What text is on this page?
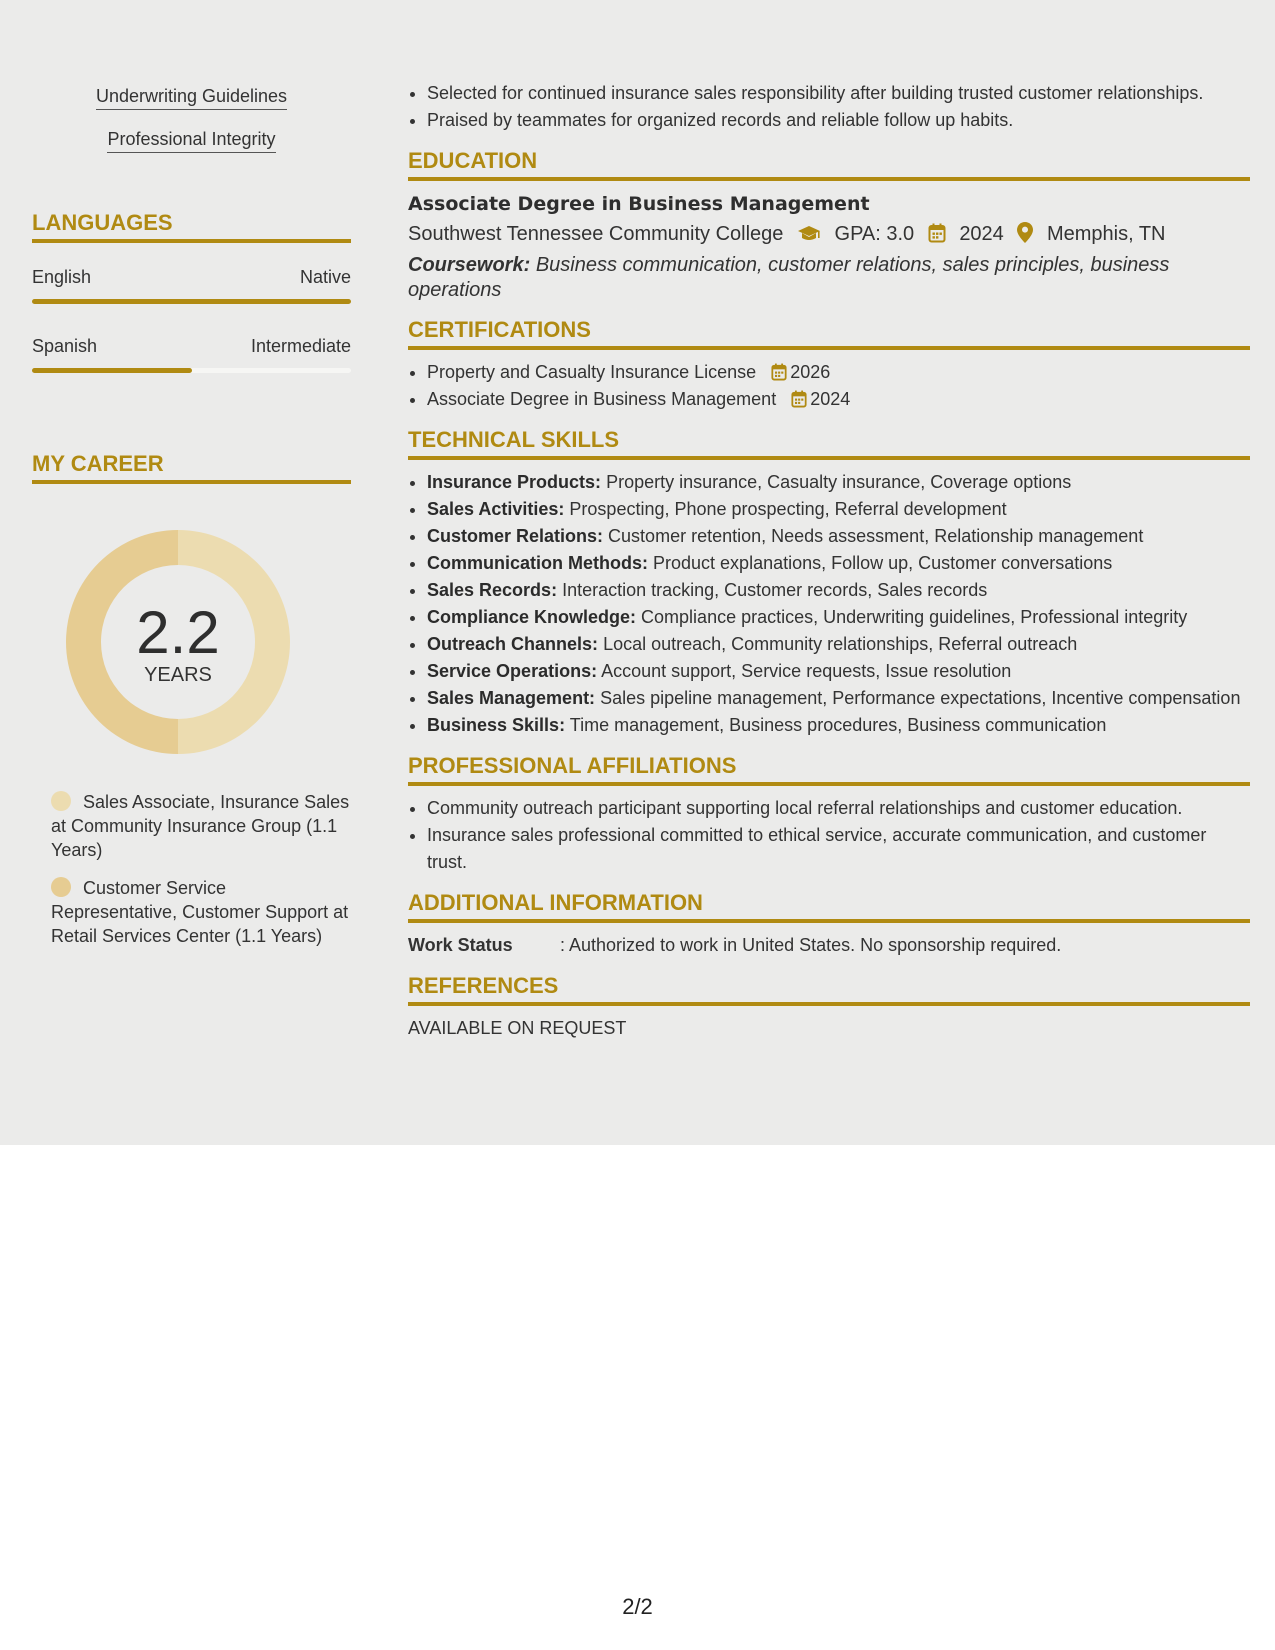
Underwriting Guidelines
Professional Integrity
LANGUAGES
English	Native
Spanish	Intermediate
MY CAREER
2.2
YEARS
Sales Associate, Insurance Sales at Community Insurance Group (1.1 Years)
Customer Service Representative, Customer Support at Retail Services Center (1.1 Years)
• Selected for continued insurance sales responsibility after building trusted customer relationships.
• Praised by teammates for organized records and reliable follow up habits.
EDUCATION
Associate Degree in Business Management
Southwest Tennessee Community College	GPA: 3.0 2024 Memphis, TN
Coursework: Business communication, customer relations, sales principles, business operations
CERTIFICATIONS
• Property and Casualty Insurance License 2026
• Associate Degree in Business Management 2024
TECHNICAL SKILLS
• Insurance Products: Property insurance, Casualty insurance, Coverage options
• Sales Activities: Prospecting, Phone prospecting, Referral development
• Customer Relations: Customer retention, Needs assessment, Relationship management
• Communication Methods: Product explanations, Follow up, Customer conversations
• Sales Records: Interaction tracking, Customer records, Sales records
• Compliance Knowledge: Compliance practices, Underwriting guidelines, Professional integrity
• Outreach Channels: Local outreach, Community relationships, Referral outreach
• Service Operations: Account support, Service requests, Issue resolution
• Sales Management: Sales pipeline management, Performance expectations, Incentive compensation
• Business Skills: Time management, Business procedures, Business communication
PROFESSIONAL AFFILIATIONS
• Community outreach participant supporting local referral relationships and customer education.
• Insurance sales professional committed to ethical service, accurate communication, and customer trust.
ADDITIONAL INFORMATION
Work Status	: Authorized to work in United States. No sponsorship required.
REFERENCES
AVAILABLE ON REQUEST
2/2
